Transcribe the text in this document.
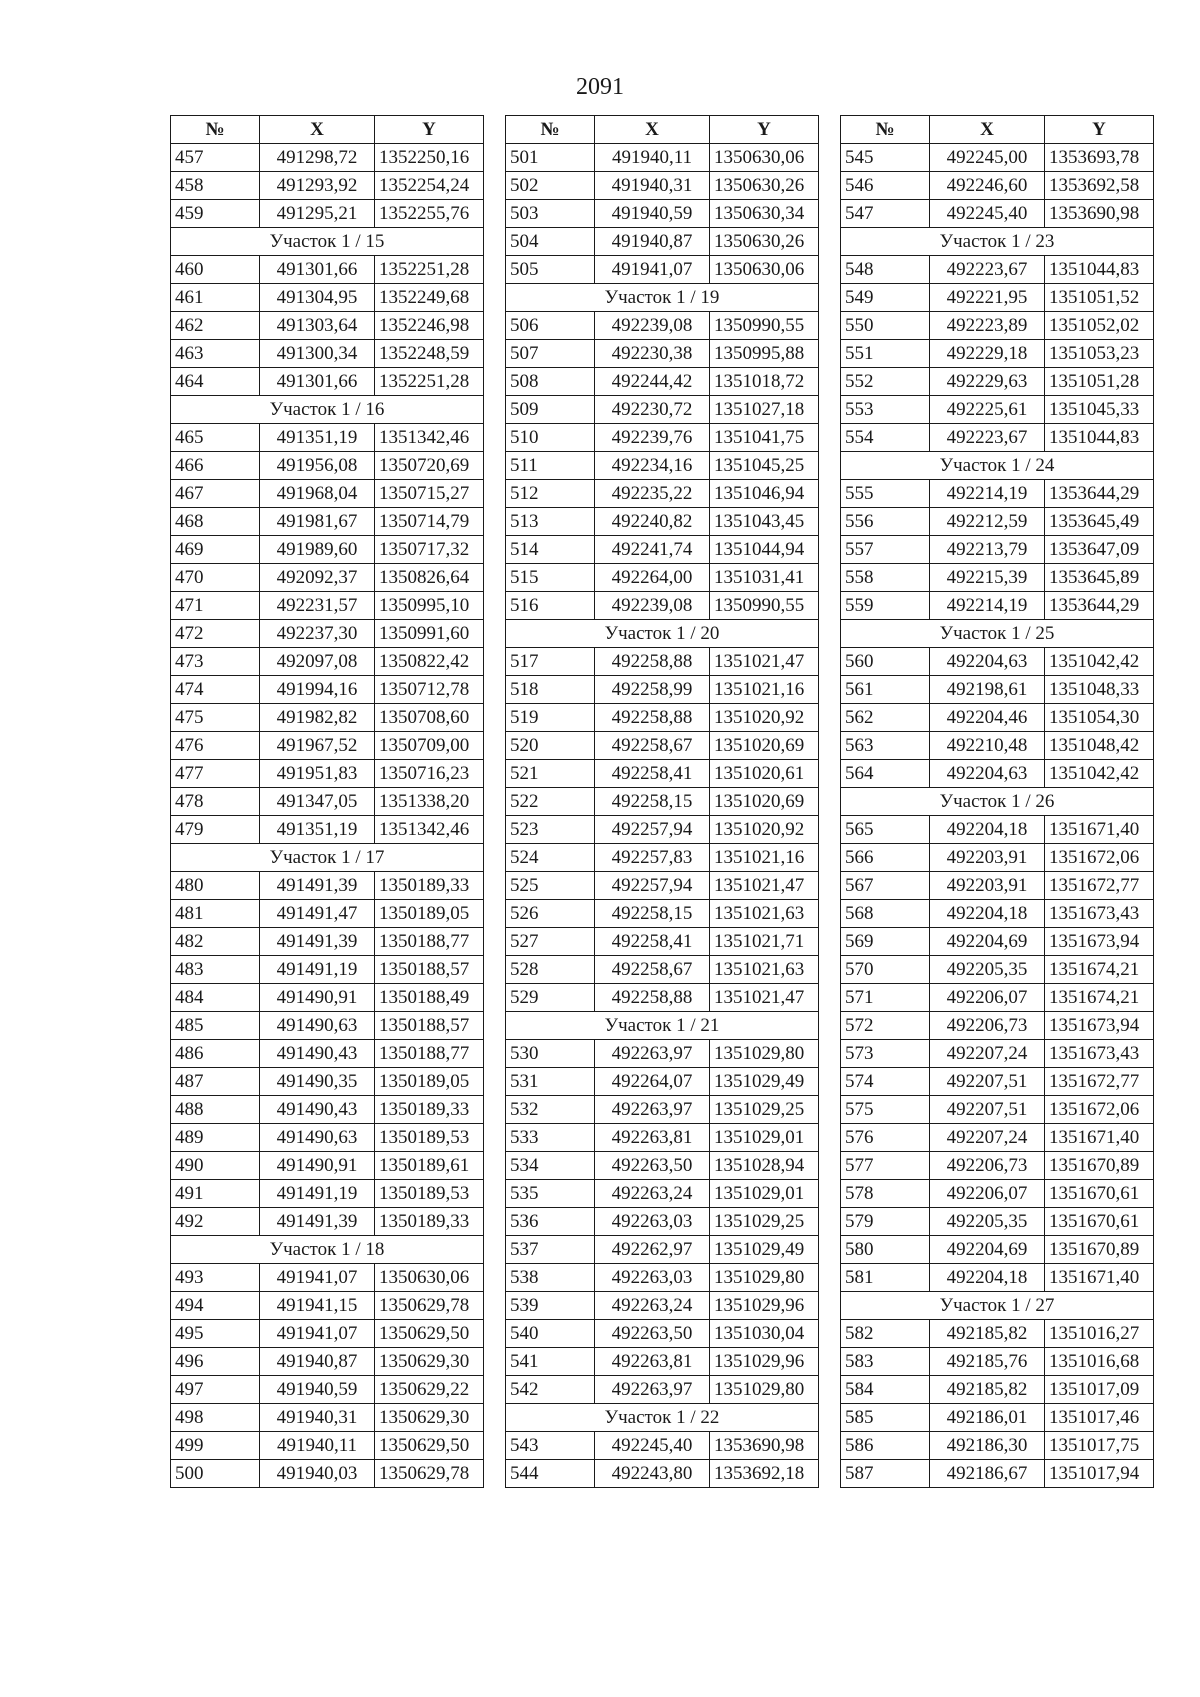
2091
№	X	Y
457	491298,72	1352250,16
458	491293,92	1352254,24
459	491295,21	1352255,76
Участок 1 / 15		
460	491301,66	1352251,28
461	491304,95	1352249,68
462	491303,64	1352246,98
463	491300,34	1352248,59
464	491301,66	1352251,28
Участок 1 / 16		
465	491351,19	1351342,46
466	491956,08	1350720,69
467	491968,04	1350715,27
468	491981,67	1350714,79
469	491989,60	1350717,32
470	492092,37	1350826,64
471	492231,57	1350995,10
472	492237,30	1350991,60
473	492097,08	1350822,42
474	491994,16	1350712,78
475	491982,82	1350708,60
476	491967,52	1350709,00
477	491951,83	1350716,23
478	491347,05	1351338,20
479	491351,19	1351342,46
Участок 1 / 17		
480	491491,39	1350189,33
481	491491,47	1350189,05
482	491491,39	1350188,77
483	491491,19	1350188,57
484	491490,91	1350188,49
485	491490,63	1350188,57
486	491490,43	1350188,77
487	491490,35	1350189,05
488	491490,43	1350189,33
489	491490,63	1350189,53
490	491490,91	1350189,61
491	491491,19	1350189,53
492	491491,39	1350189,33
Участок 1 / 18		
493	491941,07	1350630,06
494	491941,15	1350629,78
495	491941,07	1350629,50
496	491940,87	1350629,30
497	491940,59	1350629,22
498	491940,31	1350629,30
499	491940,11	1350629,50
500	491940,03	1350629,78
№	X	Y
501	491940,11	1350630,06
502	491940,31	1350630,26
503	491940,59	1350630,34
504	491940,87	1350630,26
505	491941,07	1350630,06
Участок 1 / 19		
506	492239,08	1350990,55
507	492230,38	1350995,88
508	492244,42	1351018,72
509	492230,72	1351027,18
510	492239,76	1351041,75
511	492234,16	1351045,25
512	492235,22	1351046,94
513	492240,82	1351043,45
514	492241,74	1351044,94
515	492264,00	1351031,41
516	492239,08	1350990,55
Участок 1 / 20		
517	492258,88	1351021,47
518	492258,99	1351021,16
519	492258,88	1351020,92
520	492258,67	1351020,69
521	492258,41	1351020,61
522	492258,15	1351020,69
523	492257,94	1351020,92
524	492257,83	1351021,16
525	492257,94	1351021,47
526	492258,15	1351021,63
527	492258,41	1351021,71
528	492258,67	1351021,63
529	492258,88	1351021,47
Участок 1 / 21		
530	492263,97	1351029,80
531	492264,07	1351029,49
532	492263,97	1351029,25
533	492263,81	1351029,01
534	492263,50	1351028,94
535	492263,24	1351029,01
536	492263,03	1351029,25
537	492262,97	1351029,49
538	492263,03	1351029,80
539	492263,24	1351029,96
540	492263,50	1351030,04
541	492263,81	1351029,96
542	492263,97	1351029,80
Участок 1 / 22		
543	492245,40	1353690,98
544	492243,80	1353692,18
№	X	Y
545	492245,00	1353693,78
546	492246,60	1353692,58
547	492245,40	1353690,98
Участок 1 / 23		
548	492223,67	1351044,83
549	492221,95	1351051,52
550	492223,89	1351052,02
551	492229,18	1351053,23
552	492229,63	1351051,28
553	492225,61	1351045,33
554	492223,67	1351044,83
Участок 1 / 24		
555	492214,19	1353644,29
556	492212,59	1353645,49
557	492213,79	1353647,09
558	492215,39	1353645,89
559	492214,19	1353644,29
Участок 1 / 25		
560	492204,63	1351042,42
561	492198,61	1351048,33
562	492204,46	1351054,30
563	492210,48	1351048,42
564	492204,63	1351042,42
Участок 1 / 26		
565	492204,18	1351671,40
566	492203,91	1351672,06
567	492203,91	1351672,77
568	492204,18	1351673,43
569	492204,69	1351673,94
570	492205,35	1351674,21
571	492206,07	1351674,21
572	492206,73	1351673,94
573	492207,24	1351673,43
574	492207,51	1351672,77
575	492207,51	1351672,06
576	492207,24	1351671,40
577	492206,73	1351670,89
578	492206,07	1351670,61
579	492205,35	1351670,61
580	492204,69	1351670,89
581	492204,18	1351671,40
Участок 1 / 27		
582	492185,82	1351016,27
583	492185,76	1351016,68
584	492185,82	1351017,09
585	492186,01	1351017,46
586	492186,30	1351017,75
587	492186,67	1351017,94
